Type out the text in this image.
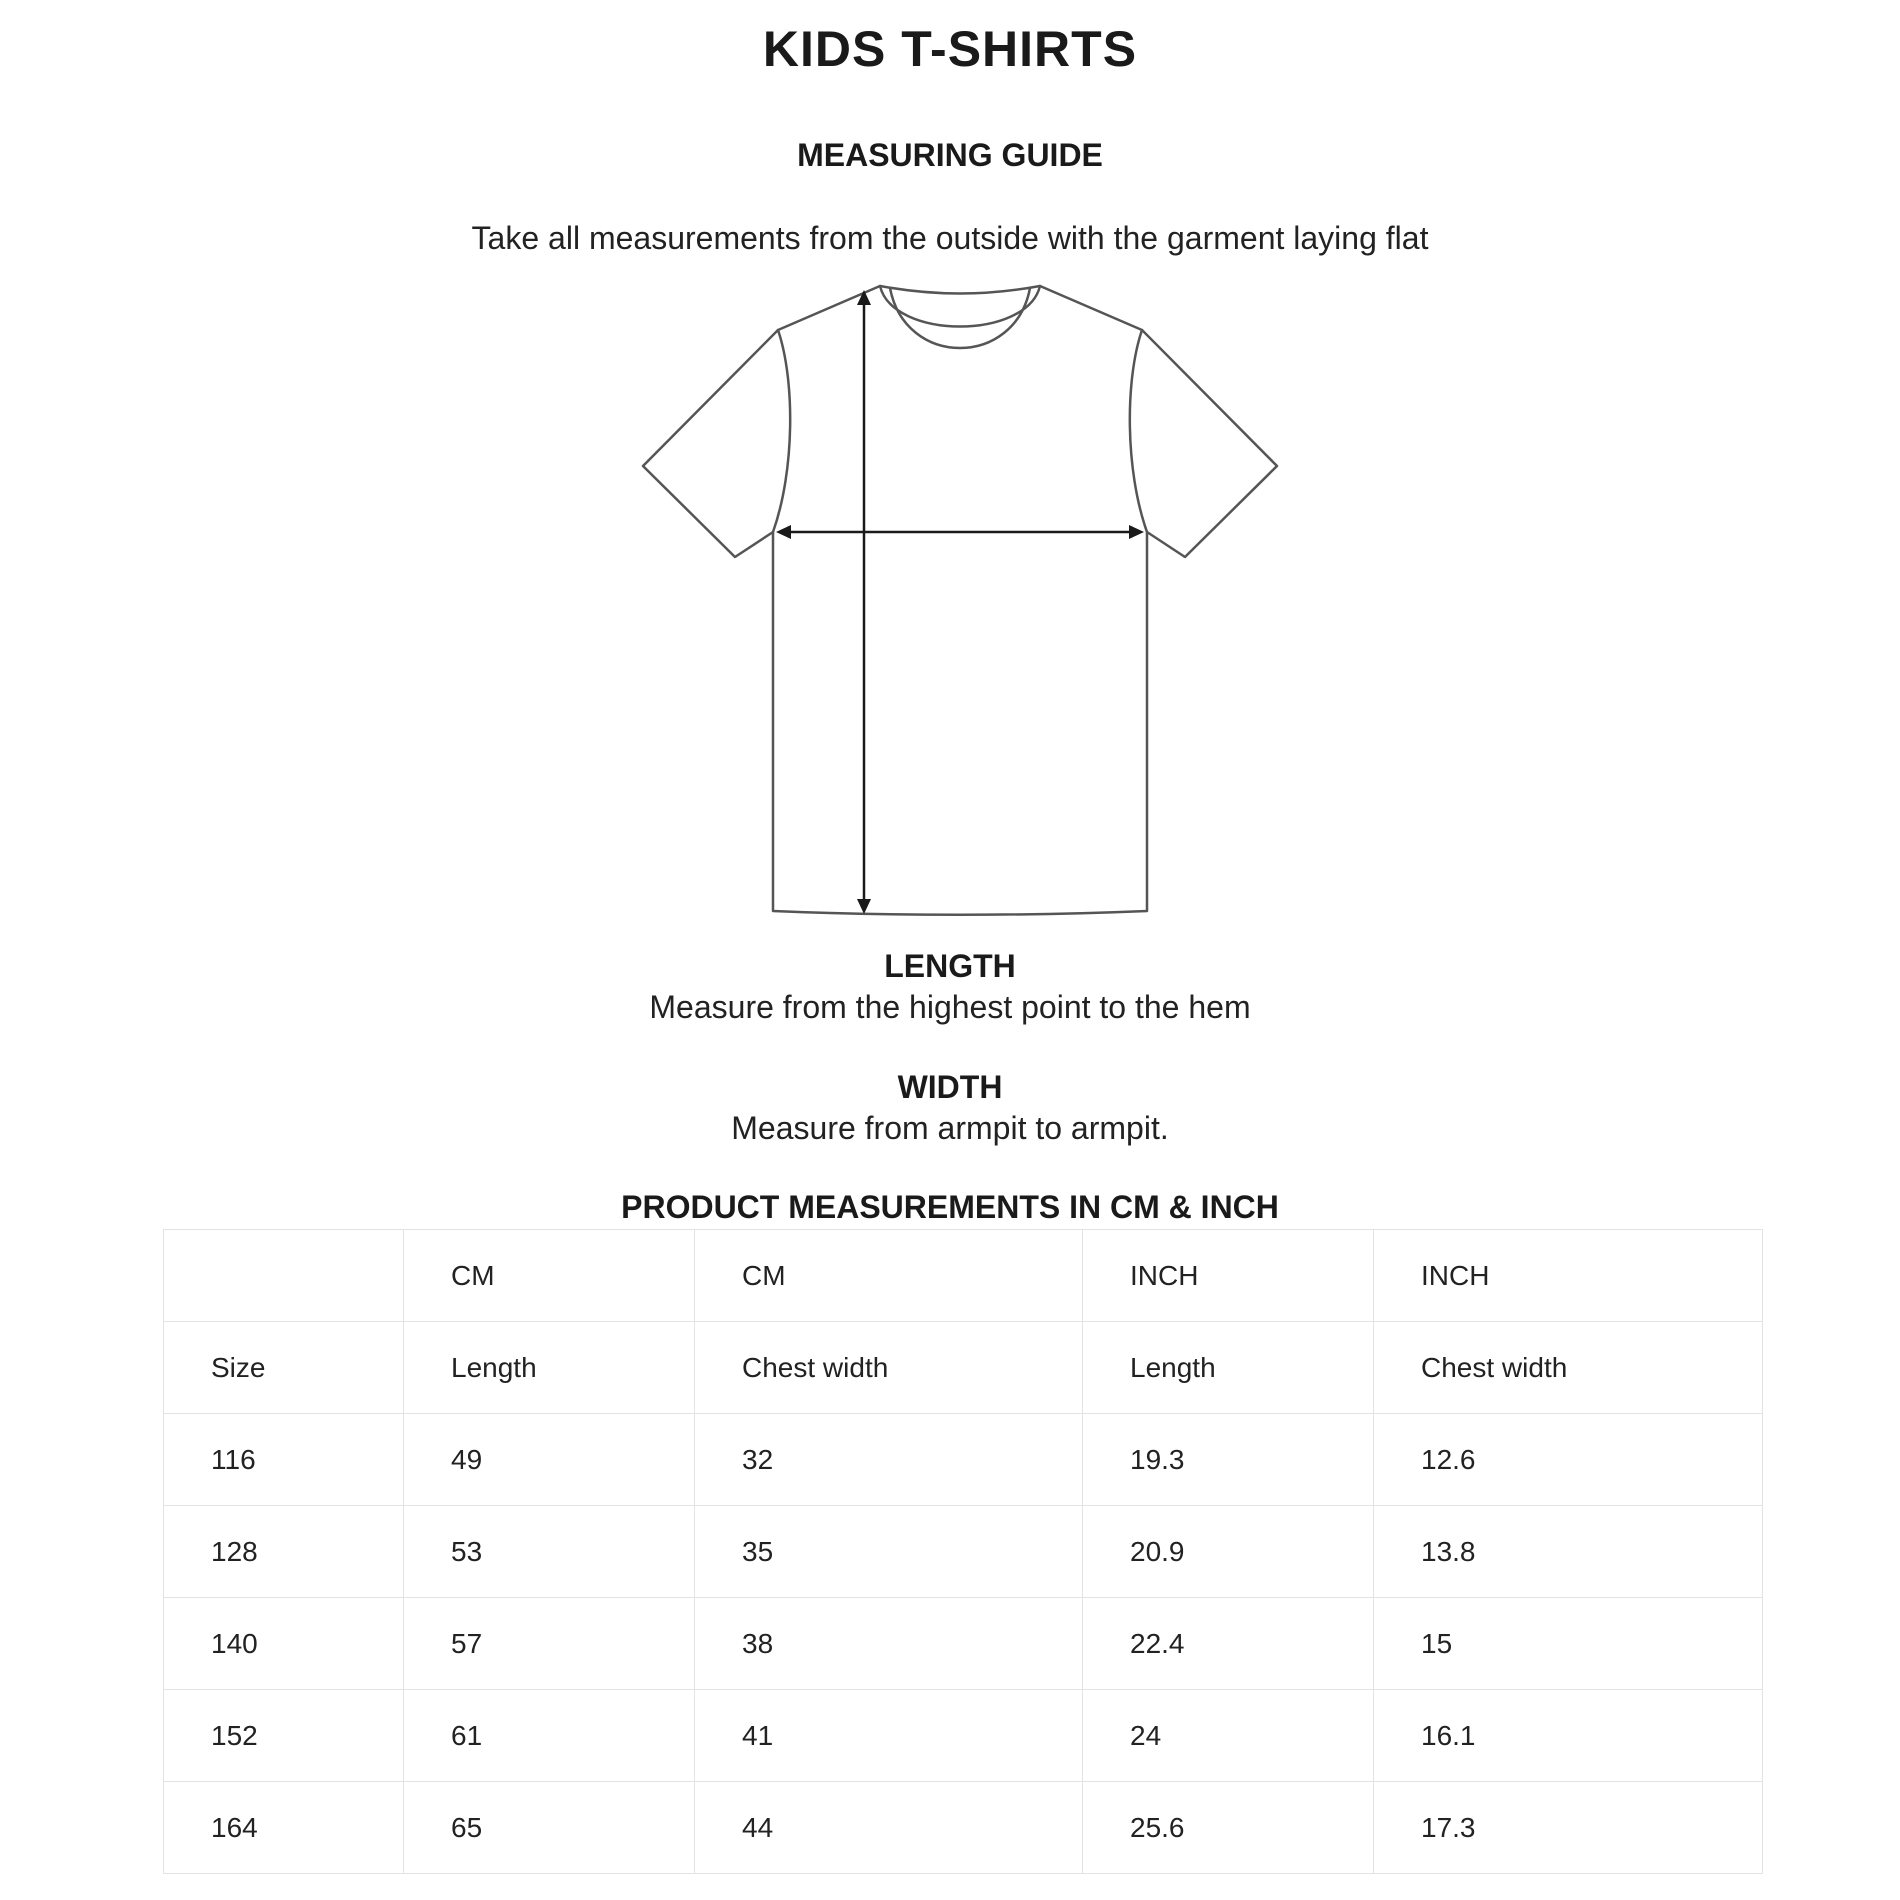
KIDS T-SHIRTS
MEASURING GUIDE

Take all measurements from the outside with the garment laying flat

LENGTH

Measure from the highest point to the hem

WIDTH

Measure from armpit to armpit.

PRODUCT MEASUREMENTS IN CM & INCH
	CM	CM	INCH	INCH
Size	Length	Chest width	Length	Chest width
116	49	32	19.3	12.6
128	53	35	20.9	13.8
140	57	38	22.4	15
152	61	41	24	16.1
164	65	44	25.6	17.3
